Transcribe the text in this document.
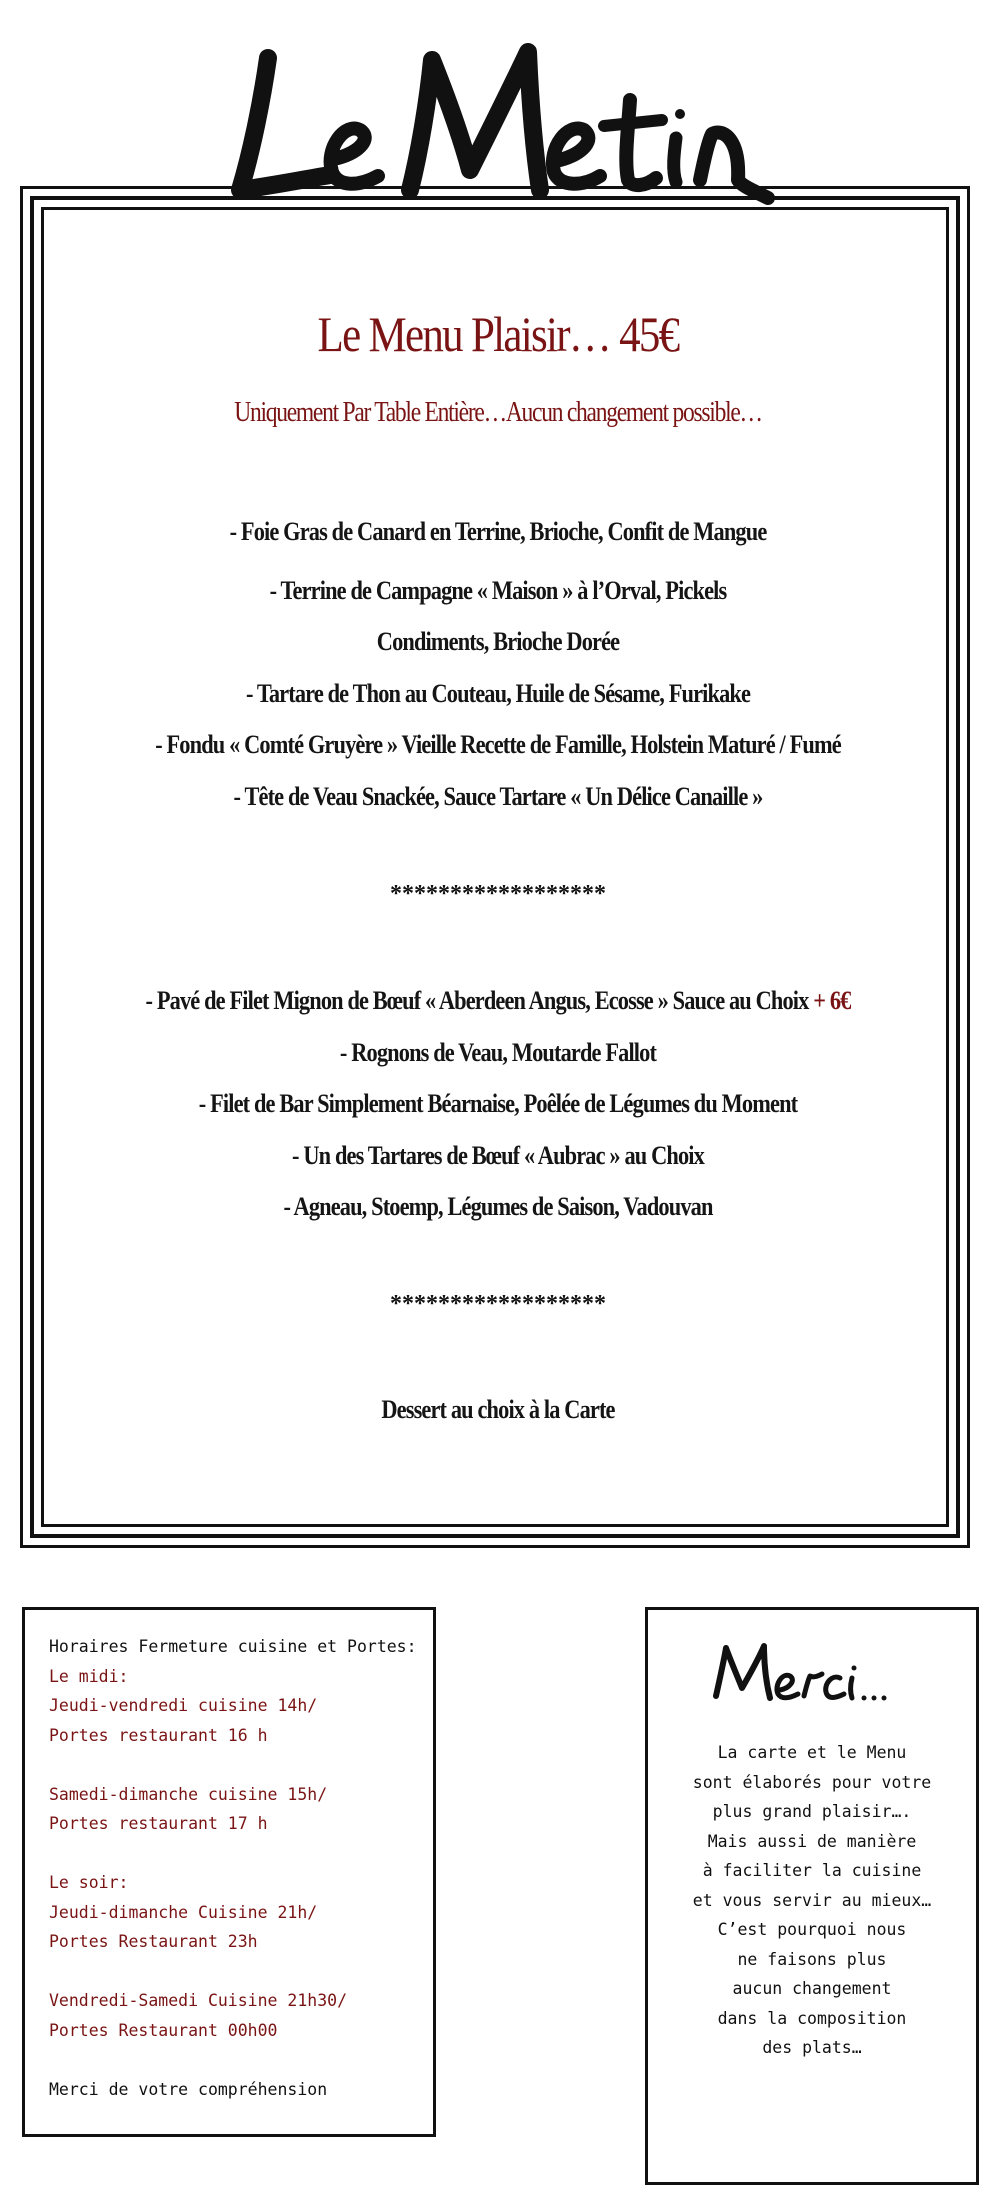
Le Menu Plaisir… 45€
Uniquement Par Table Entière…Aucun changement possible…
- Foie Gras de Canard en Terrine, Brioche, Confit de Mangue
- Terrine de Campagne « Maison » à l’Orval, Pickels
Condiments, Brioche Dorée
- Tartare de Thon au Couteau, Huile de Sésame, Furikake
- Fondu « Comté Gruyère » Vieille Recette de Famille, Holstein Maturé / Fumé
- Tête de Veau Snackée, Sauce Tartare « Un Délice Canaille »
******************
- Pavé de Filet Mignon de Bœuf « Aberdeen Angus, Ecosse » Sauce au Choix + 6€
- Rognons de Veau, Moutarde Fallot
- Filet de Bar Simplement Béarnaise, Poêlée de Légumes du Moment
- Un des Tartares de Bœuf « Aubrac » au Choix
- Agneau, Stoemp, Légumes de Saison, Vadouvan
******************
Dessert au choix à la Carte
Horaires Fermeture cuisine et Portes:
Le midi:
Jeudi-vendredi cuisine 14h/
Portes restaurant 16 h

Samedi-dimanche cuisine 15h/
Portes restaurant 17 h

Le soir:
Jeudi-dimanche Cuisine 21h/
Portes Restaurant 23h

Vendredi-Samedi Cuisine 21h30/
Portes Restaurant 00h00

Merci de votre compréhension
La carte et le Menu
sont élaborés pour votre
plus grand plaisir….
Mais aussi de manière
à faciliter la cuisine
et vous servir au mieux…
C’est pourquoi nous
ne faisons plus
aucun changement
dans la composition
des plats…
